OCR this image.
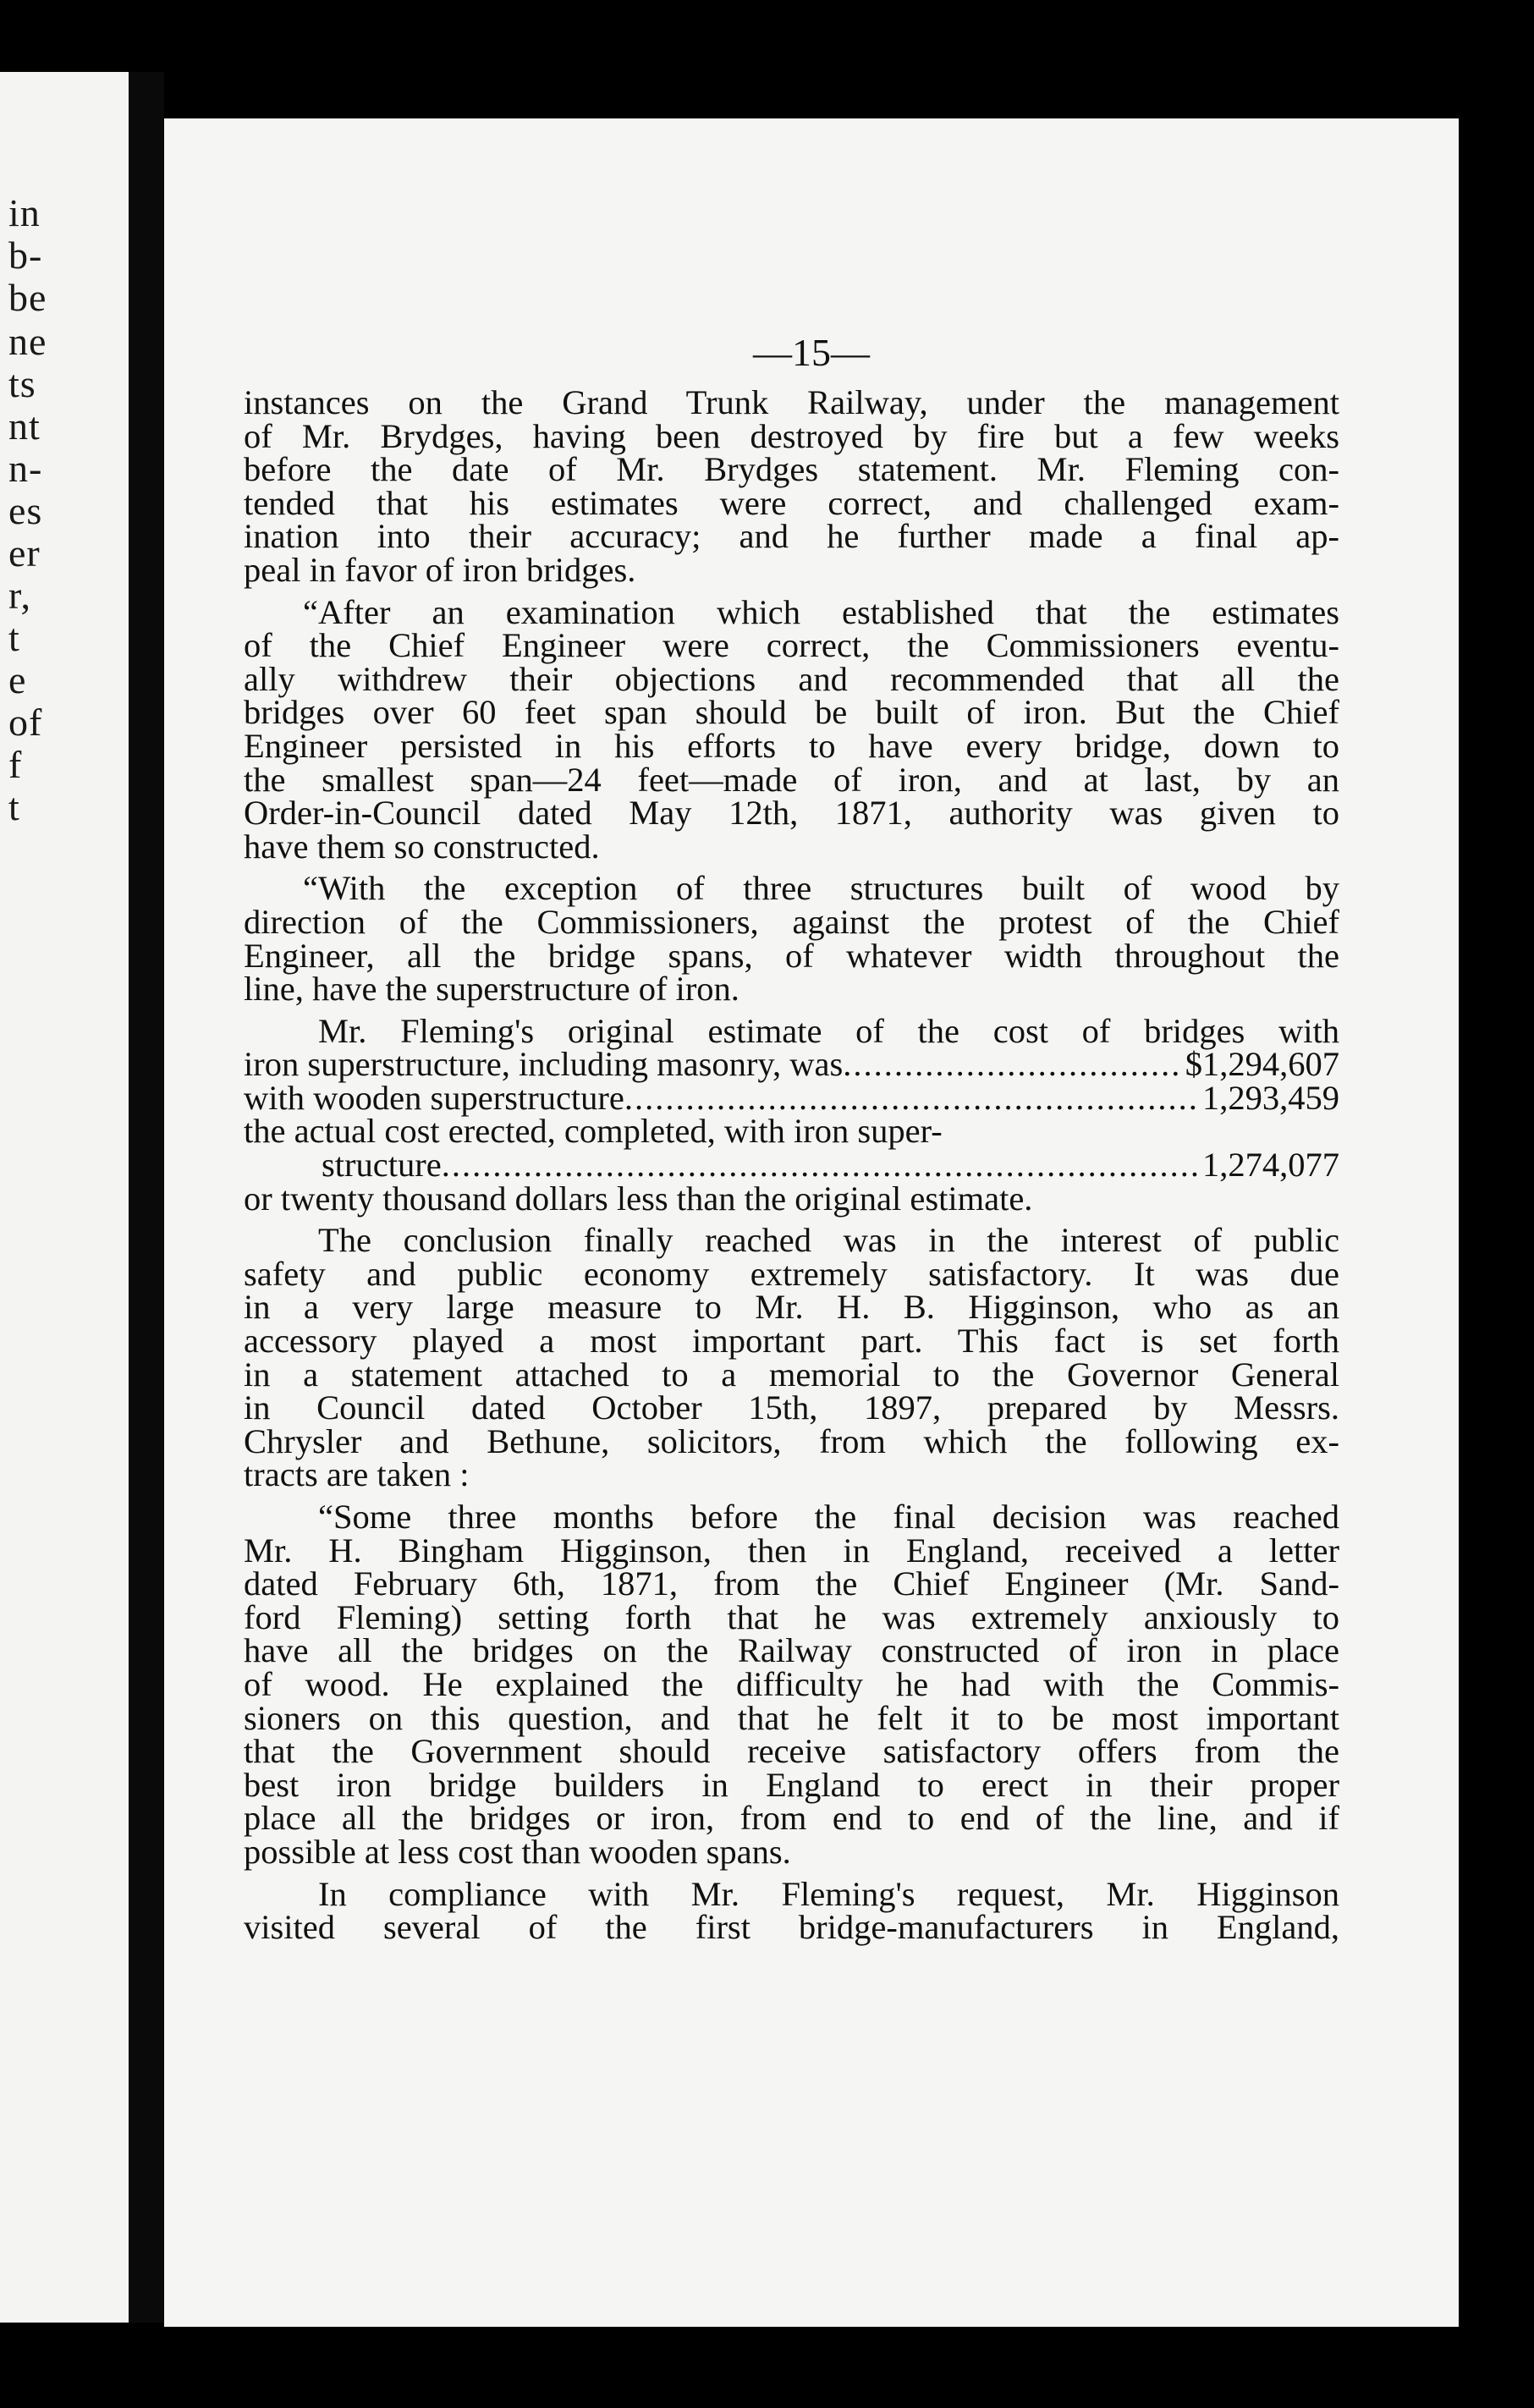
in
b-
be
ne
ts
nt
n-
es
er
r,
t
e
of
f
t
—15—
instances on the Grand Trunk Railway, under the management
of Mr. Brydges, having been destroyed by fire but a few weeks
before the date of Mr. Brydges statement. Mr. Fleming con-
tended that his estimates were correct, and challenged exam-
ination into their accuracy; and he further made a final ap-
peal in favor of iron bridges.
“After an examination which established that the estimates
of the Chief Engineer were correct, the Commissioners eventu-
ally withdrew their objections and recommended that all the
bridges over 60 feet span should be built of iron. But the Chief
Engineer persisted in his efforts to have every bridge, down to
the smallest span—24 feet—made of iron, and at last, by an
Order-in-Council dated May 12th, 1871, authority was given to
have them so constructed.
“With the exception of three structures built of wood by
direction of the Commissioners, against the protest of the Chief
Engineer, all the bridge spans, of whatever width throughout the
line, have the superstructure of iron.
Mr. Fleming's original estimate of the cost of bridges with
iron superstructure, including masonry, was .....	$1,294,607
with wooden superstructure .....	1,293,459
the actual cost erected, completed, with iron super-
structure .....	1,274,077
or twenty thousand dollars less than the original estimate.
The conclusion finally reached was in the interest of public
safety and public economy extremely satisfactory. It was due
in a very large measure to Mr. H. B. Higginson, who as an
accessory played a most important part. This fact is set forth
in a statement attached to a memorial to the Governor General
in Council dated October 15th, 1897, prepared by Messrs.
Chrysler and Bethune, solicitors, from which the following ex-
tracts are taken :
“Some three months before the final decision was reached
Mr. H. Bingham Higginson, then in England, received a letter
dated February 6th, 1871, from the Chief Engineer (Mr. Sand-
ford Fleming) setting forth that he was extremely anxiously to
have all the bridges on the Railway constructed of iron in place
of wood. He explained the difficulty he had with the Commis-
sioners on this question, and that he felt it to be most important
that the Government should receive satisfactory offers from the
best iron bridge builders in England to erect in their proper
place all the bridges or iron, from end to end of the line, and if
possible at less cost than wooden spans.
In compliance with Mr. Fleming's request, Mr. Higginson
visited several of the first bridge-manufacturers in England,
